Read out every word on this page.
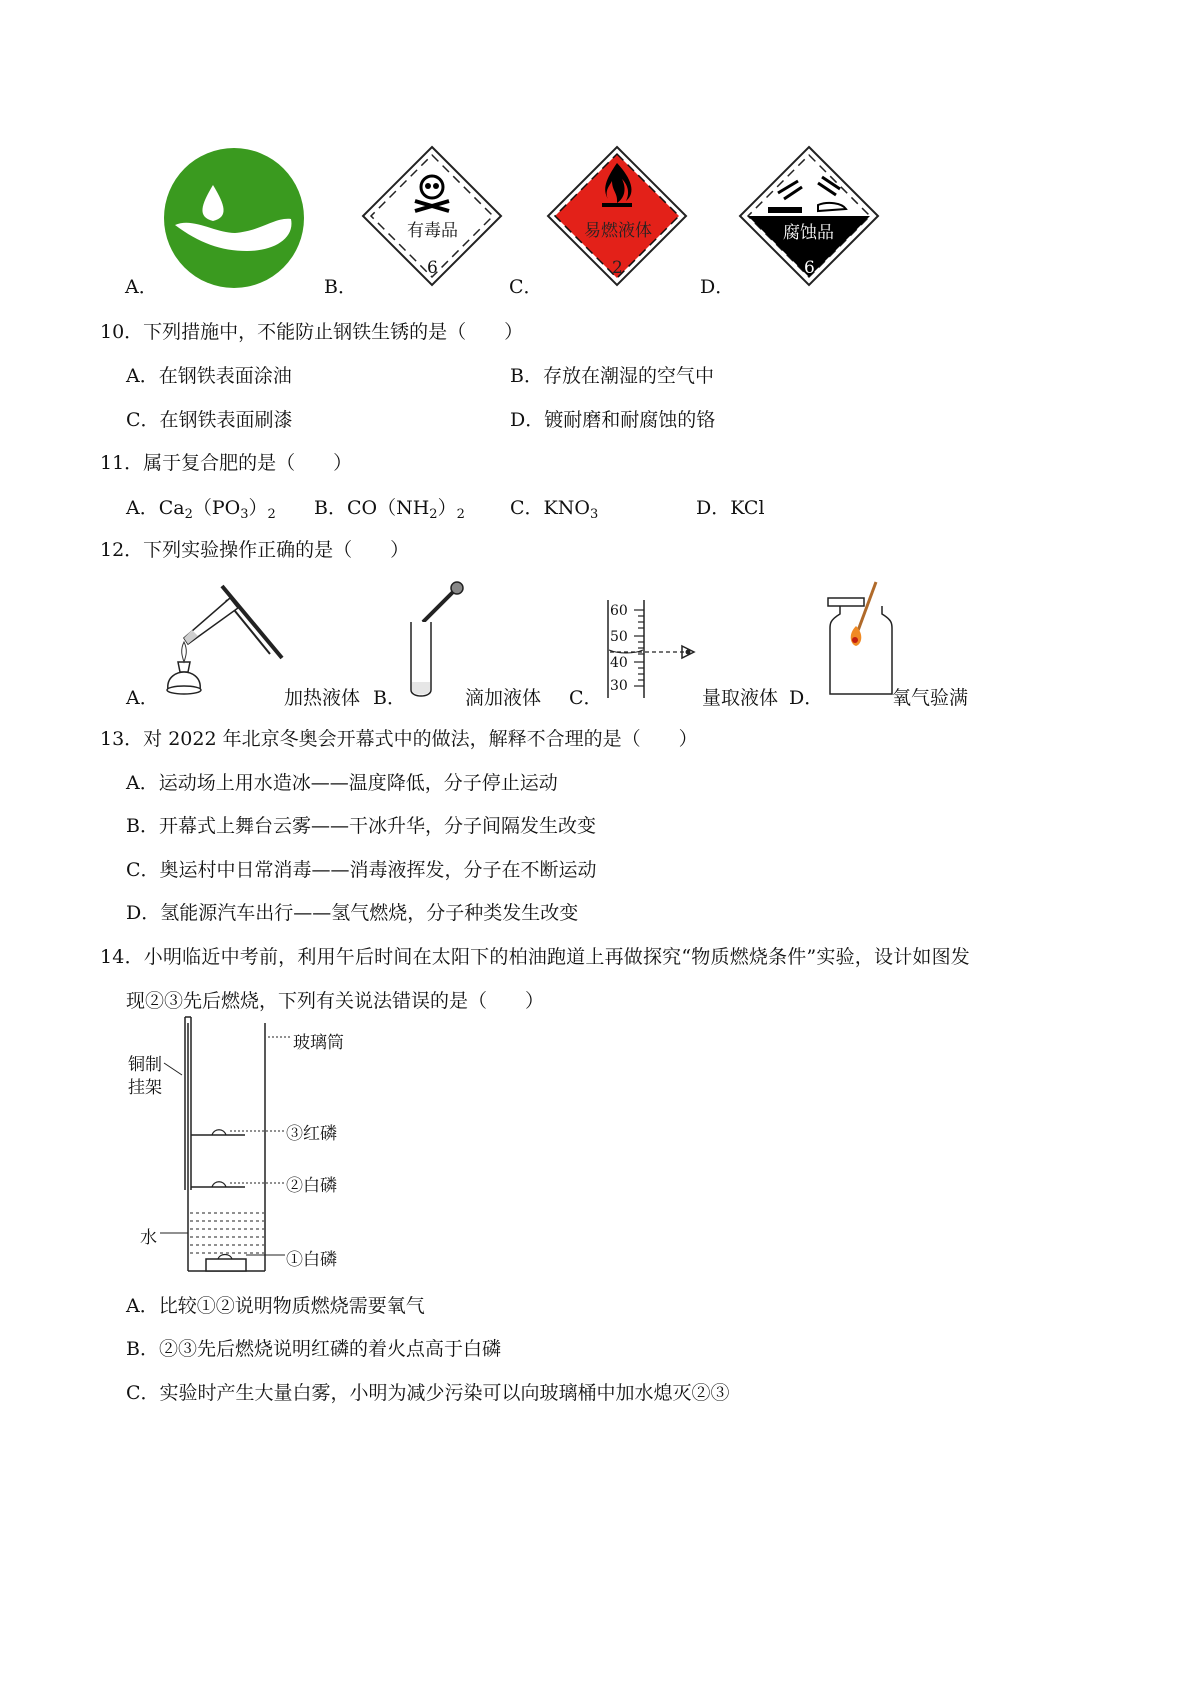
A．
有毒品
6
B．
易燃液体
2
C．
腐蚀品
6
D．
10．下列措施中，不能防止钢铁生锈的是（　　）
A．在钢铁表面涂油	B．存放在潮湿的空气中
C．在钢铁表面刷漆	D．镀耐磨和耐腐蚀的铬
11．属于复合肥的是（　　）
A．$Ca_2(PO_3)_2$ B．$CO(NH_2)_2$ C．$KNO_3$	D．KCl
12．下列实验操作正确的是（　　）
A．	加热液体 B．	滴加液体
60
50
40
30
C．	量取液体 D．	氧气验满
13．对 2022 年北京冬奥会开幕式中的做法，解释不合理的是（　　）
A．运动场上用水造冰——温度降低，分子停止运动
B．开幕式上舞台云雾——干冰升华，分子间隔发生改变
C．奥运村中日常消毒——消毒液挥发，分子在不断运动
D．氢能源汽车出行——氢气燃烧，分子种类发生改变
14．小明临近中考前，利用午后时间在太阳下的柏油跑道上再做探究“物质燃烧条件”实验，设计如图发
现②③先后燃烧，下列有关说法错误的是（　　）
铜制
挂架
玻璃筒
③红磷
②白磷
水
①白磷
A．比较①②说明物质燃烧需要氧气
B．②③先后燃烧说明红磷的着火点高于白磷
C．实验时产生大量白雾，小明为减少污染可以向玻璃桶中加水熄灭②③
